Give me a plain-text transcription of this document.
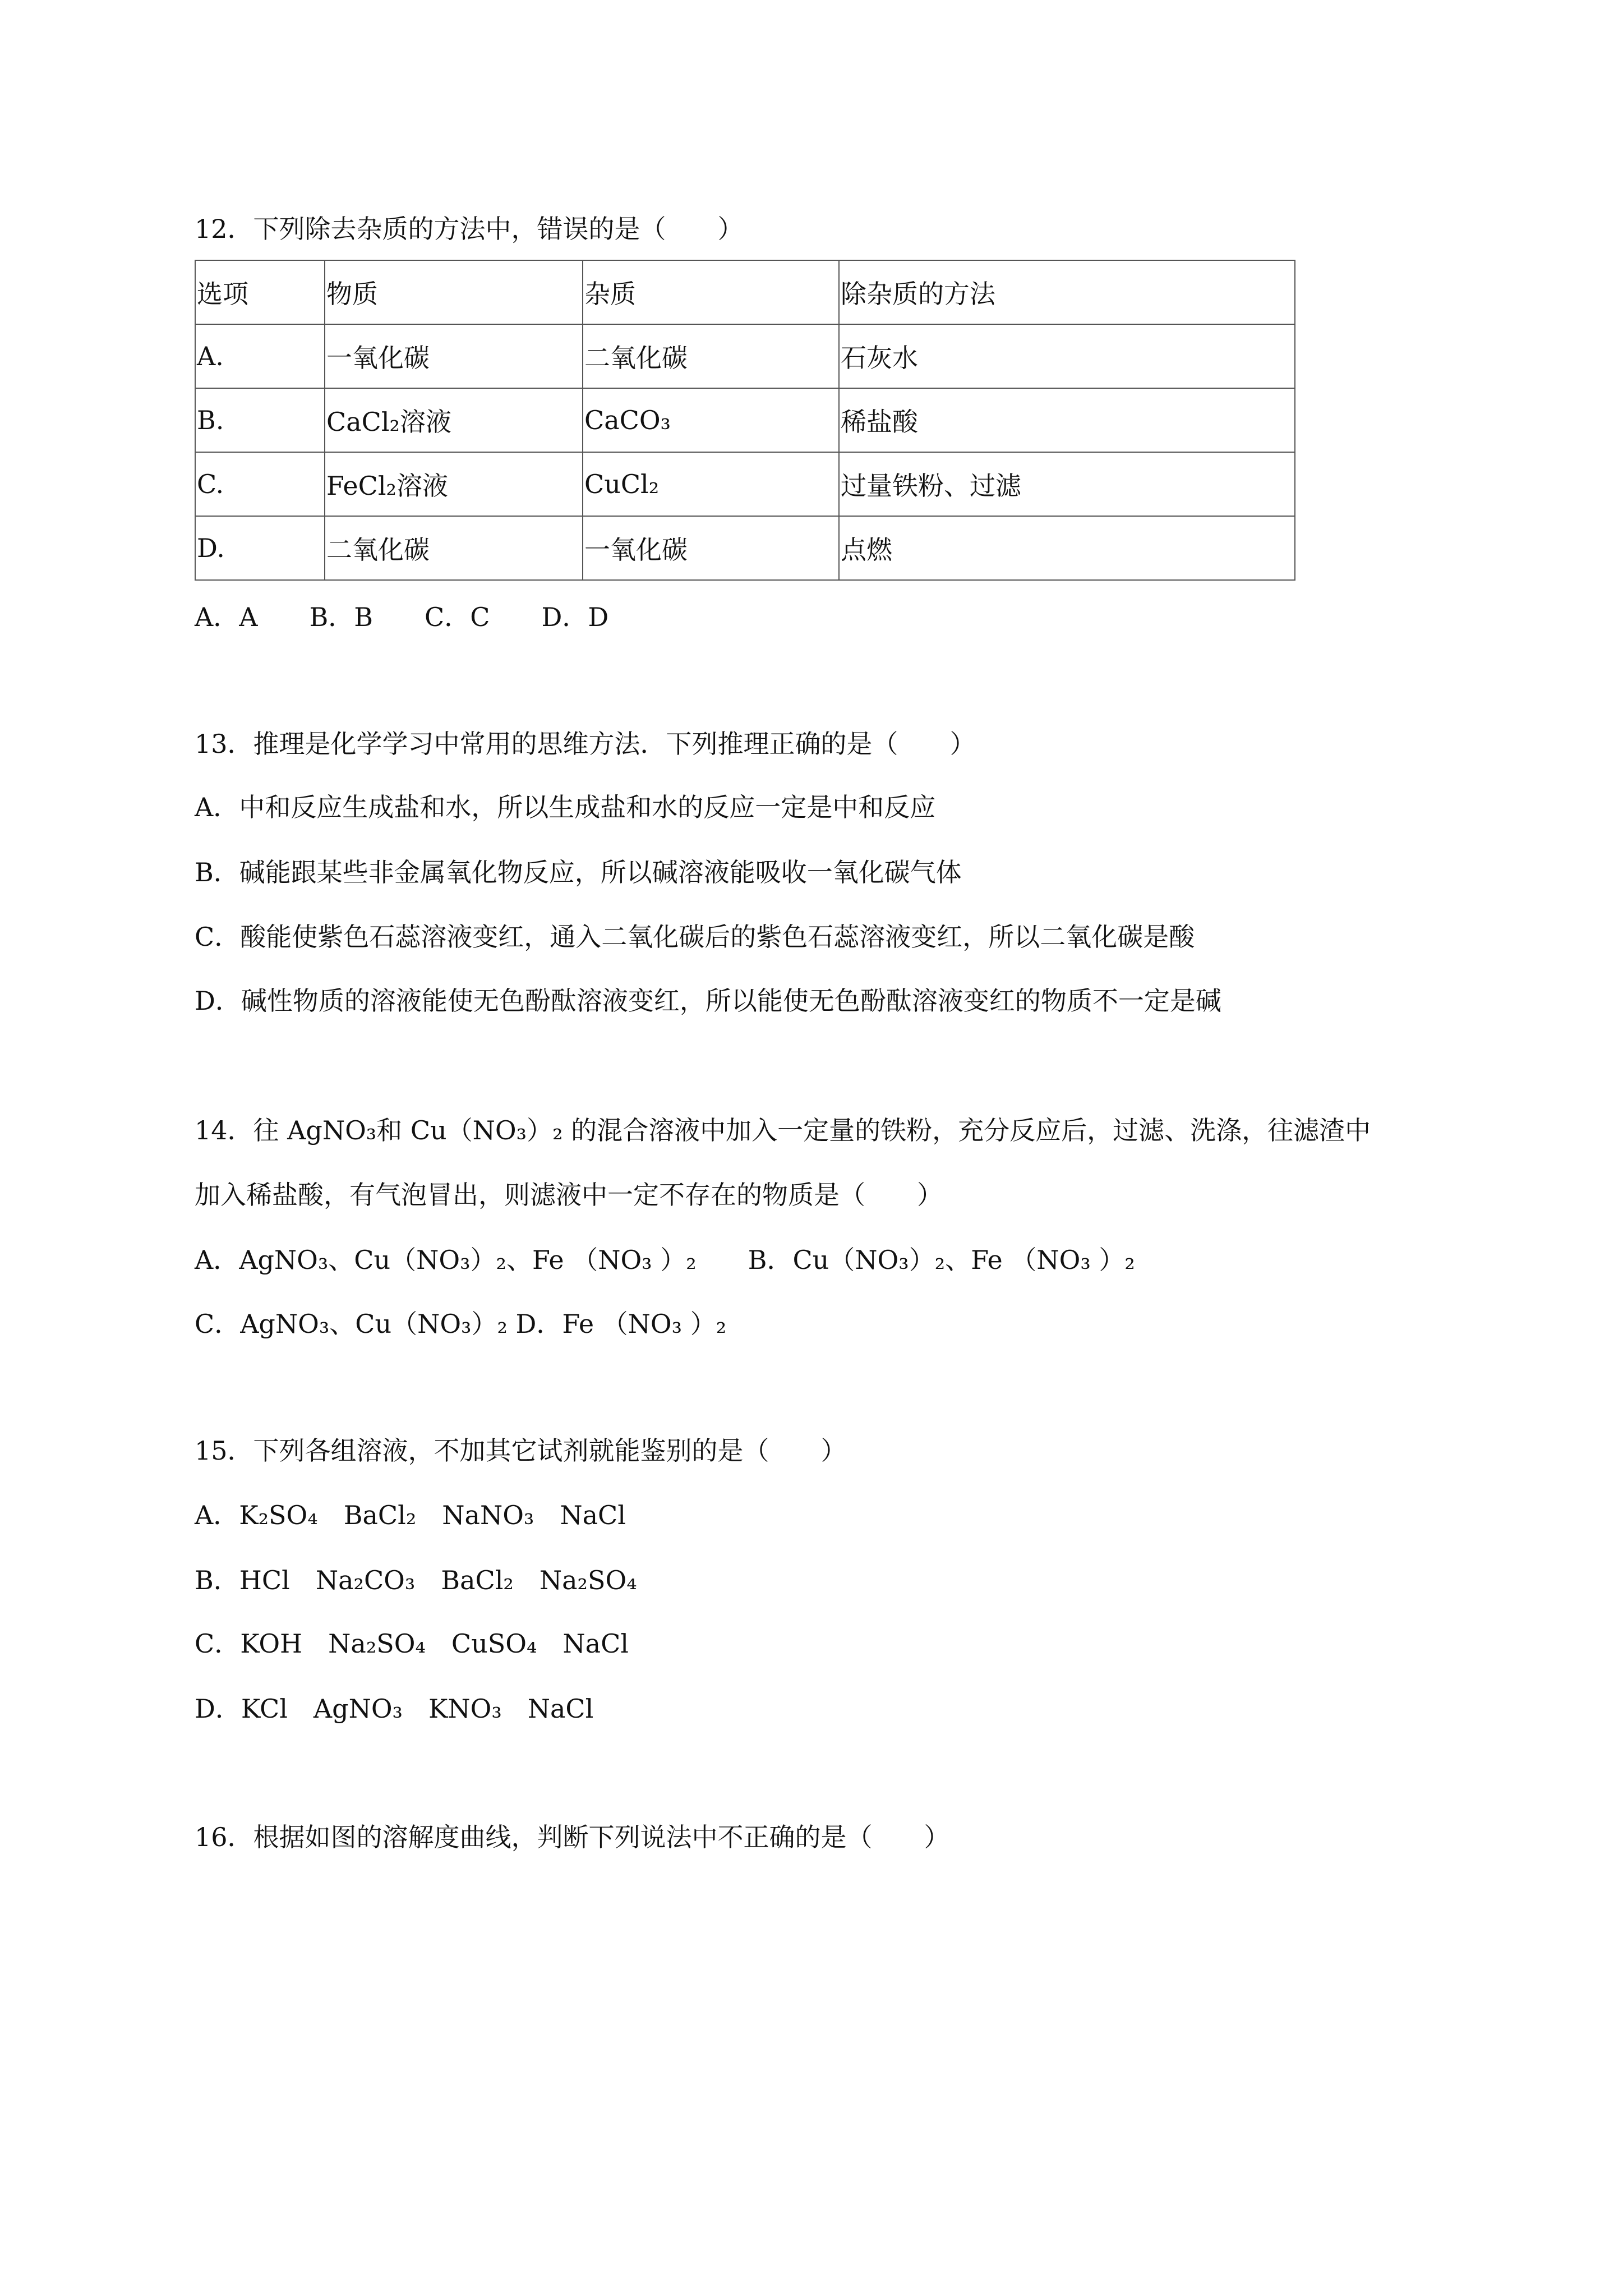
12．下列除去杂质的方法中，错误的是（　　）
选项	物质	杂质	除杂质的方法
A.	一氧化碳	二氧化碳	石灰水
B.	CaCl₂溶液	CaCO₃	稀盐酸
C.	FeCl₂溶液	CuCl₂	过量铁粉、过滤
D.	二氧化碳	一氧化碳	点燃
A．A　　B．B　　C．C　　D．D
13．推理是化学学习中常用的思维方法．下列推理正确的是（　　）
A．中和反应生成盐和水，所以生成盐和水的反应一定是中和反应
B．碱能跟某些非金属氧化物反应，所以碱溶液能吸收一氧化碳气体
C．酸能使紫色石蕊溶液变红，通入二氧化碳后的紫色石蕊溶液变红，所以二氧化碳是酸
D．碱性物质的溶液能使无色酚酞溶液变红，所以能使无色酚酞溶液变红的物质不一定是碱
14．往 AgNO₃和 Cu（NO₃）₂ 的混合溶液中加入一定量的铁粉，充分反应后，过滤、洗涤，往滤渣中
加入稀盐酸，有气泡冒出，则滤液中一定不存在的物质是（　　）
A．AgNO₃、Cu（NO₃）₂、Fe （NO₃ ）₂　　B．Cu（NO₃）₂、Fe （NO₃ ）₂
C．AgNO₃、Cu（NO₃）₂ D．Fe （NO₃ ）₂
15．下列各组溶液，不加其它试剂就能鉴别的是（　　）
A．K₂SO₄　BaCl₂　NaNO₃　NaCl
B．HCl　Na₂CO₃　BaCl₂　Na₂SO₄
C．KOH　Na₂SO₄　CuSO₄　NaCl
D．KCl　AgNO₃　KNO₃　NaCl
16．根据如图的溶解度曲线，判断下列说法中不正确的是（　　）
